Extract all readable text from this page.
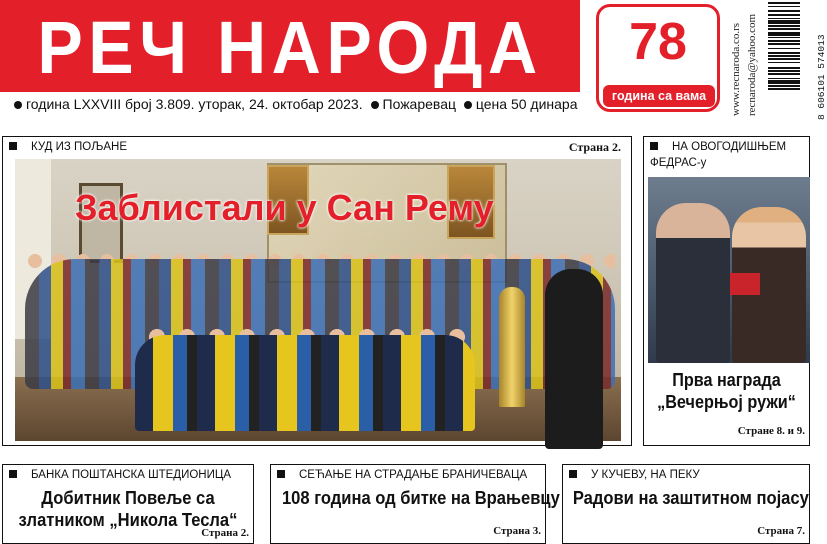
РЕЧ НАРОДА
година LXXVIII број 3.809. уторак, 24. октобар 2023. Пожаревац цена 50 динара
78
година са вама	www.recnaroda.co.rs recnaroda@yahoo.com	8 606101 574013
КУД ИЗ ПОЉАНЕ	Страна 2.
Заблистали у Сан Рему
НА ОВОГОДИШЊЕМ
ФЕДРАС-у
Прва награда
„Вечерњој ружи“
Стране 8. и 9.
БАНКА ПОШТАНСКА ШТЕДИОНИЦА
Добитник Повеље са
златником „Никола Тесла“
Страна 2.
СЕЋАЊЕ НА СТРАДАЊЕ БРАНИЧЕВАЦА
108 година од битке на Врањевцу
Страна 3.
У КУЧЕВУ, НА ПЕКУ
Радови на заштитном појасу
Страна 7.
